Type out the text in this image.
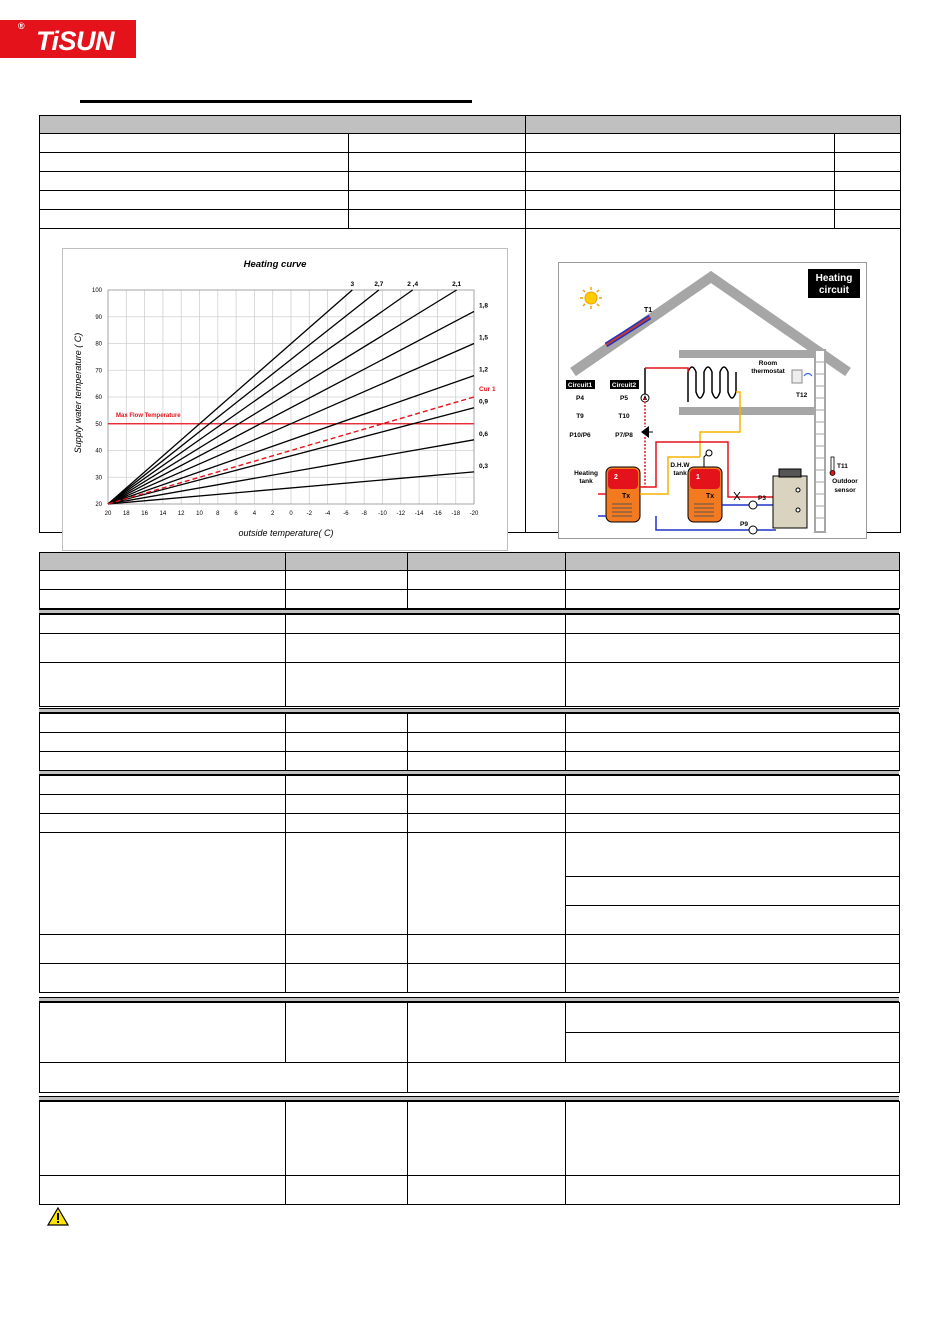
TiSUN
®

Heating curve
Supply water temperature ( C)
outside temperature( C)
20 18 16 14 12 10 8 6 4 2 0 -2 -4 -6 -8 -10 -12 -14 -16 -18 -20
20
30
40
50
60
70
80
90
100
Max Flow Temperature
0,3
0,6
0,9
1,2
1,5
1,8
2,1
2 ,4
2,7
3
Cur 1
T1
Heating
circuit
Room
thermostat
T12
Circuit1	Circuit2
P4	P5
T9	T10
P10/P6	P7/P8
2
Tx
Heating
tank
1
Tx
D.H.W
tank
P3
P9
T11
Outdoor
sensor
